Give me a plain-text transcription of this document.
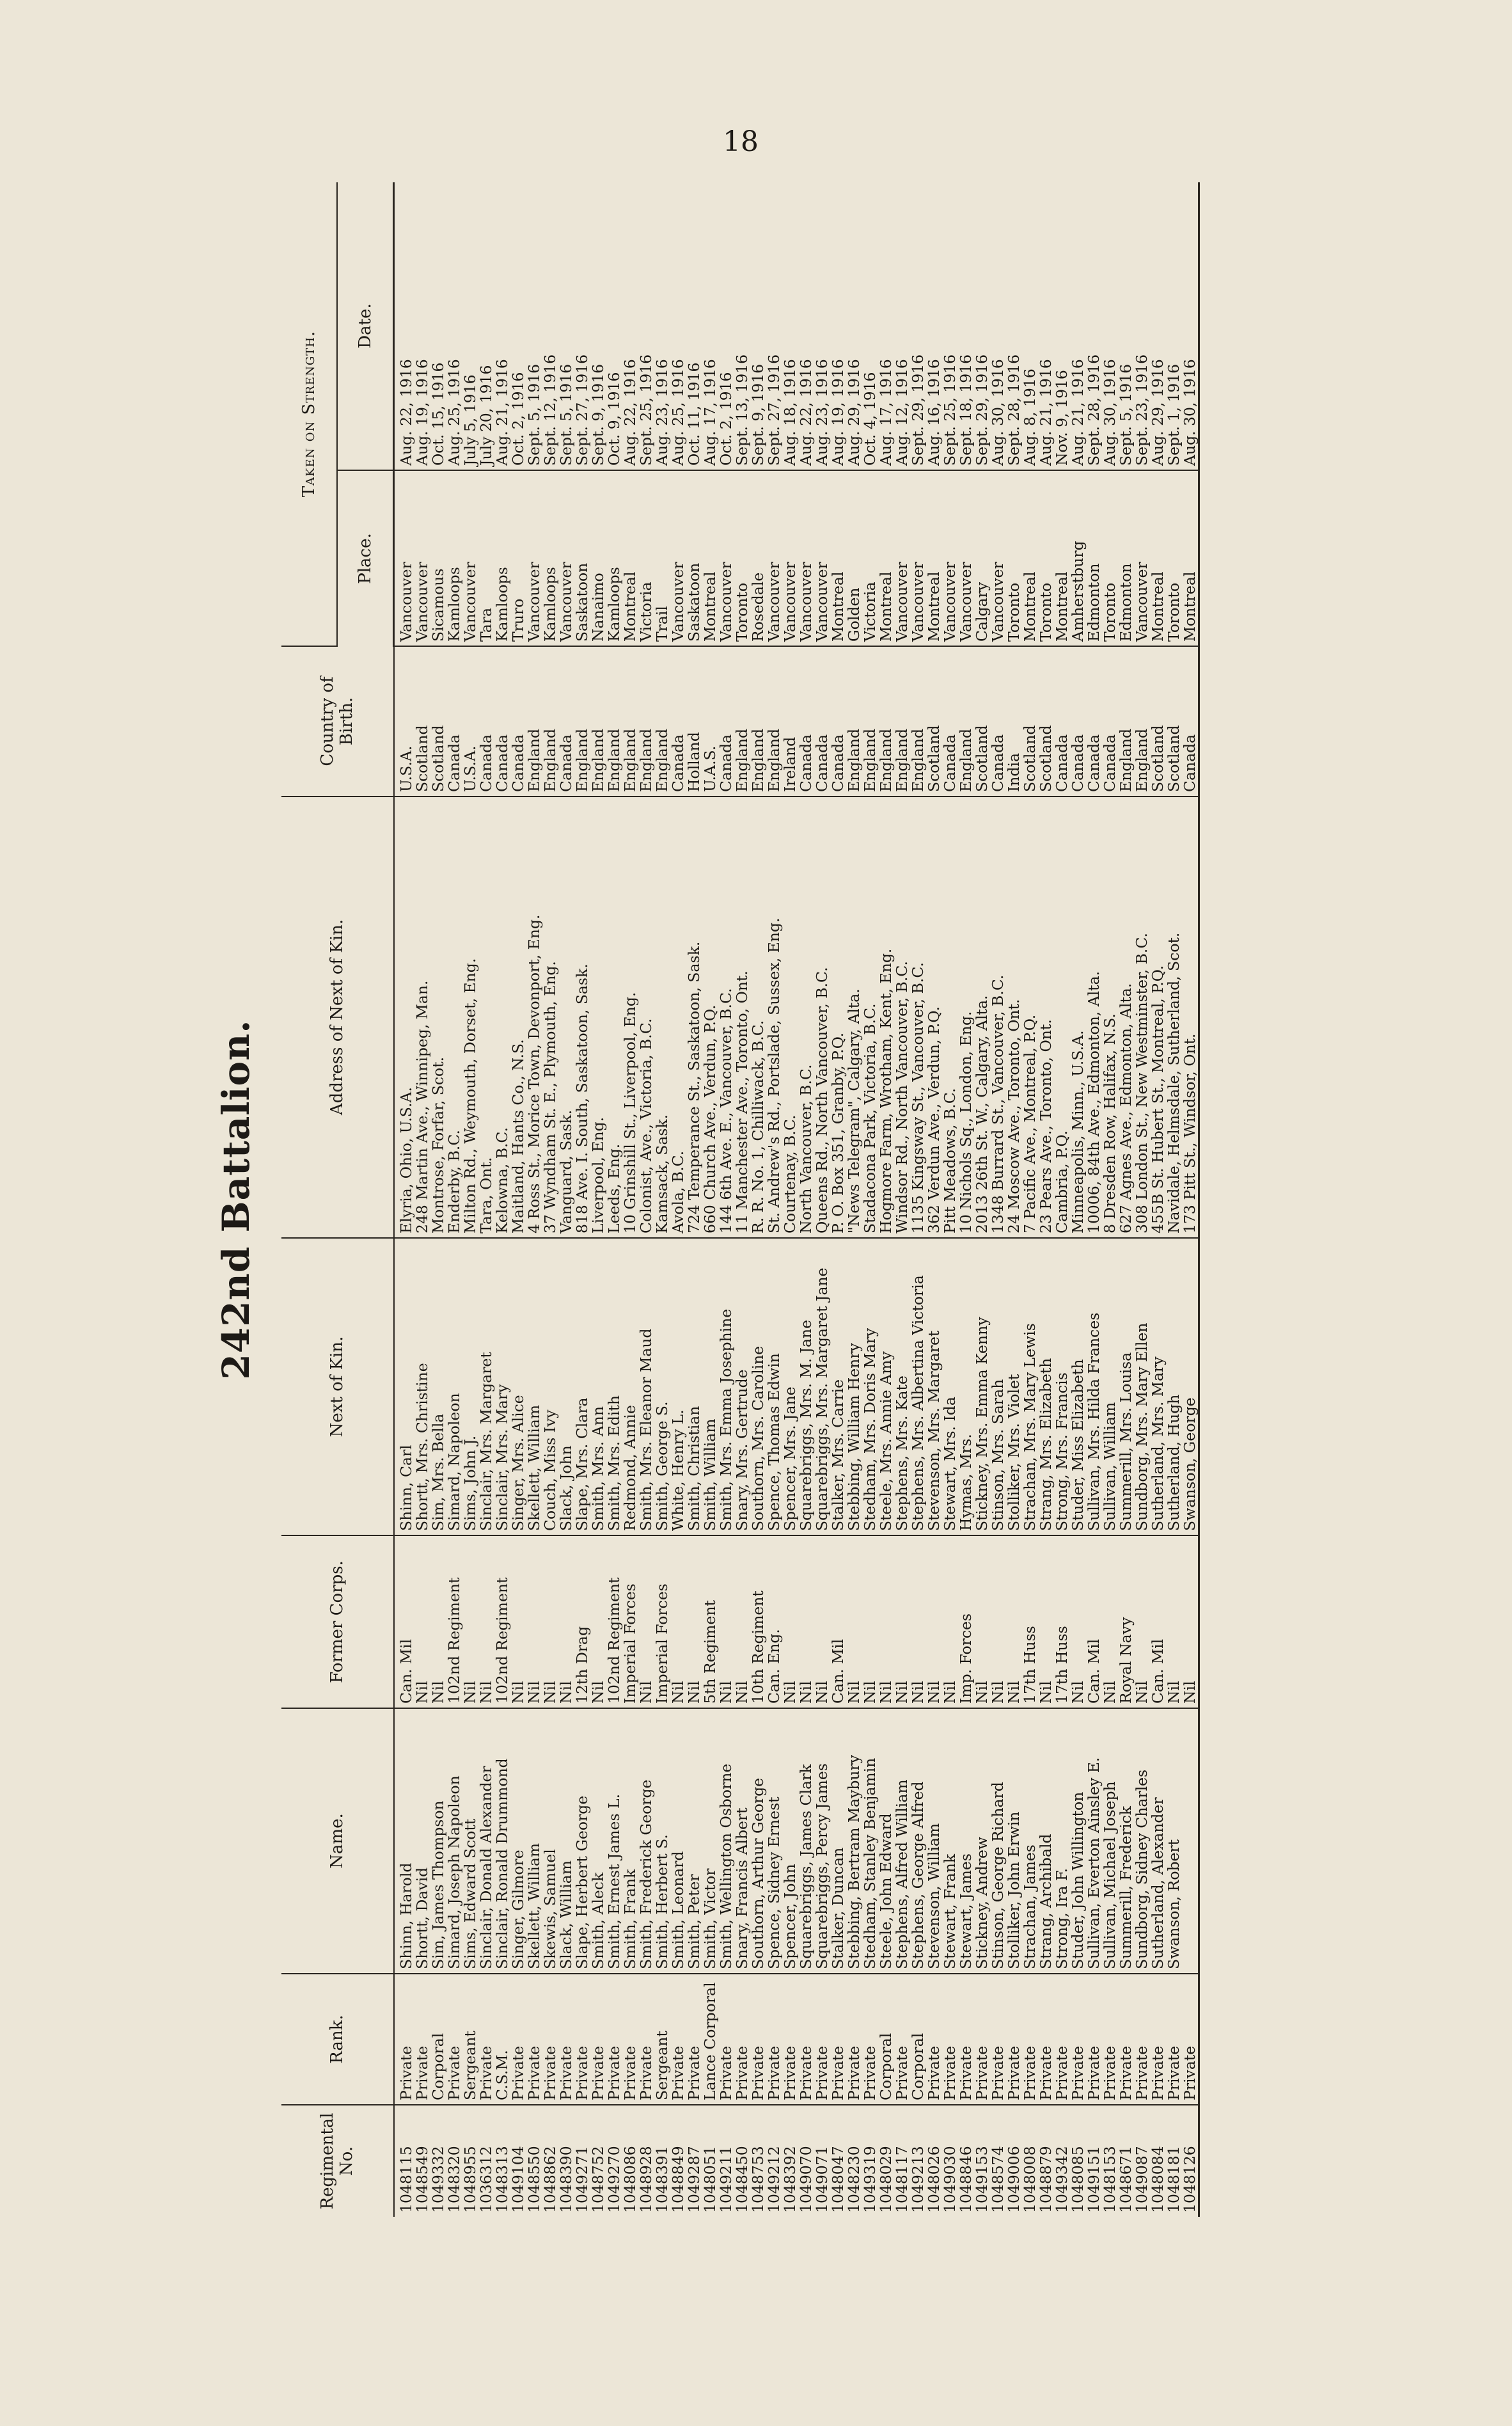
18
242nd Battalion.
Regimental No.	Rank.	Name.	Former Corps.	Next of Kin.	Address of Next of Kin.	Country of Birth.	Taken on Strength.	
							Place.	Date.
1048115	Private	Shinn, Harold	Can. Mil	Shinn, Carl	Elyria, Ohio, U.S.A.	U.S.A.	Vancouver	Aug. 22, 1916
1048549	Private	Shortt, David	Nil	Shortt, Mrs. Christine	248 Martin Ave., Winnipeg, Man.	Scotland	Vancouver	Aug. 19, 1916
1049332	Corporal	Sim, James Thompson	Nil	Sim, Mrs. Bella	Montrose, Forfar, Scot.	Scotland	Sicamous	Oct. 15, 1916
1048320	Private	Simard, Joseph Napoleon	102nd Regiment	Simard, Napoleon	Enderby, B.C.	Canada	Kamloops	Aug. 25, 1916
1048955	Sergeant	Sims, Edward Scott	Nil	Sims, John J.	Milton Rd., Weymouth, Dorset, Eng.	U.S.A.	Vancouver	July 5, 1916
1036312	Private	Sinclair, Donald Alexander	Nil	Sinclair, Mrs. Margaret	Tara, Ont.	Canada	Tara	July 20, 1916
1048313	C.S.M.	Sinclair, Ronald Drummond	102nd Regiment	Sinclair, Mrs. Mary	Kelowna, B.C.	Canada	Kamloops	Aug. 21, 1916
1049104	Private	Singer, Gilmore	Nil	Singer, Mrs. Alice	Maitland, Hants Co., N.S.	Canada	Truro	Oct. 2, 1916
1048550	Private	Skellett, William	Nil	Skellett, William	4 Ross St., Morice Town, Devonport, Eng.	England	Vancouver	Sept. 5, 1916
1048862	Private	Skewis, Samuel	Nil	Couch, Miss Ivy	37 Wyndham St. E., Plymouth, Eng.	England	Kamloops	Sept. 12, 1916
1048390	Private	Slack, William	Nil	Slack, John	Vanguard, Sask.	Canada	Vancouver	Sept. 5, 1916
1049271	Private	Slape, Herbert George	12th Drag	Slape, Mrs. Clara	818 Ave. I. South, Saskatoon, Sask.	England	Saskatoon	Sept. 27, 1916
1048752	Private	Smith, Aleck	Nil	Smith, Mrs. Ann	Liverpool, Eng.	England	Nanaimo	Sept. 9, 1916
1049270	Private	Smith, Ernest James L.	102nd Regiment	Smith, Mrs. Edith	Leeds, Eng.	England	Kamloops	Oct. 9, 1916
1048086	Private	Smith, Frank	Imperial Forces	Redmond, Annie	10 Grinshill St., Liverpool, Eng.	England	Montreal	Aug. 22, 1916
1048928	Private	Smith, Frederick George	Nil	Smith, Mrs. Eleanor Maud	Colonist, Ave., Victoria, B.C.	England	Victoria	Sept. 25, 1916
1048391	Sergeant	Smith, Herbert S.	Imperial Forces	Smith, George S.	Kamsack, Sask.	England	Trail	Aug. 23, 1916
1048849	Private	Smith, Leonard	Nil	White, Henry L.	Avola, B.C.	Canada	Vancouver	Aug. 25, 1916
1049287	Private	Smith, Peter	Nil	Smith, Christian	724 Temperance St., Saskatoon, Sask.	Holland	Saskatoon	Oct. 11, 1916
1048051	Lance Corporal	Smith, Victor	5th Regiment	Smith, William	660 Church Ave., Verdun, P.Q.	U.A.S.	Montreal	Aug. 17, 1916
1049211	Private	Smith, Wellington Osborne	Nil	Smith, Mrs. Emma Josephine	144 6th Ave. E., Vancouver, B.C.	Canada	Vancouver	Oct. 2, 1916
1048450	Private	Snary, Francis Albert	Nil	Snary, Mrs. Gertrude	11 Manchester Ave., Toronto, Ont.	England	Toronto	Sept. 13, 1916
1048753	Private	Southorn, Arthur George	10th Regiment	Southorn, Mrs. Caroline	R. R. No. 1, Chilliwack, B.C.	England	Rosedale	Sept. 9, 1916
1049212	Private	Spence, Sidney Ernest	Can. Eng.	Spence, Thomas Edwin	St. Andrew's Rd., Portslade, Sussex, Eng.	England	Vancouver	Sept. 27, 1916
1048392	Private	Spencer, John	Nil	Spencer, Mrs. Jane	Courtenay, B.C.	Ireland	Vancouver	Aug. 18, 1916
1049070	Private	Squarebriggs, James Clark	Nil	Squarebriggs, Mrs. M. Jane	North Vancouver, B.C.	Canada	Vancouver	Aug. 22, 1916
1049071	Private	Squarebriggs, Percy James	Nil	Squarebriggs, Mrs. Margaret Jane	Queens Rd., North Vancouver, B.C.	Canada	Vancouver	Aug. 23, 1916
1048047	Private	Stalker, Duncan	Can. Mil	Stalker, Mrs. Carrie	P. O. Box 351, Granby, P.Q.	Canada	Montreal	Aug. 19, 1916
1048230	Private	Stebbing, Bertram Maybury	Nil	Stebbing, William Henry	"News Telegram", Calgary, Alta.	England	Golden	Aug. 29, 1916
1049319	Private	Stedham, Stanley Benjamin	Nil	Stedham, Mrs. Doris Mary	Stadacona Park, Victoria, B.C.	England	Victoria	Oct. 4, 1916
1048029	Corporal	Steele, John Edward	Nil	Steele, Mrs. Annie Amy	Hogmore Farm, Wrotham, Kent, Eng.	England	Montreal	Aug. 17, 1916
1048117	Private	Stephens, Alfred William	Nil	Stephens, Mrs. Kate	Windsor Rd., North Vancouver, B.C.	England	Vancouver	Aug. 12, 1916
1049213	Corporal	Stephens, George Alfred	Nil	Stephens, Mrs. Albertina Victoria	1135 Kingsway St., Vancouver, B.C.	England	Vancouver	Sept. 29, 1916
1048026	Private	Stevenson, William	Nil	Stevenson, Mrs. Margaret	362 Verdun Ave., Verdun, P.Q.	Scotland	Montreal	Aug. 16, 1916
1049030	Private	Stewart, Frank	Nil	Stewart, Mrs. Ida	Pitt Meadows, B.C.	Canada	Vancouver	Sept. 25, 1916
1048846	Private	Stewart, James	Imp. Forces	Hymas, Mrs.	10 Nichols Sq., London, Eng.	England	Vancouver	Sept. 18, 1916
1049153	Private	Stickney, Andrew	Nil	Stickney, Mrs. Emma Kenny	2013 26th St. W., Calgary, Alta.	Scotland	Calgary	Sept. 29, 1916
1048574	Private	Stinson, George Richard	Nil	Stinson, Mrs. Sarah	1348 Burrard St., Vancouver, B.C.	Canada	Vancouver	Aug. 30, 1916
1049006	Private	Stolliker, John Erwin	Nil	Stolliker, Mrs. Violet	24 Moscow Ave., Toronto, Ont.	India	Toronto	Sept. 28, 1916
1048008	Private	Strachan, James	17th Huss	Strachan, Mrs. Mary Lewis	7 Pacific Ave., Montreal, P.Q.	Scotland	Montreal	Aug. 8, 1916
1048879	Private	Strang, Archibald	Nil	Strang, Mrs. Elizabeth	23 Pears Ave., Toronto, Ont.	Scotland	Toronto	Aug. 21, 1916
1049342	Private	Strong, Ira F.	17th Huss	Strong, Mrs. Francis	Cambria, P.Q.	Canada	Montreal	Nov. 9, 1916
1048085	Private	Studer, John Willington	Nil	Studer, Miss Elizabeth	Minneapolis, Minn., U.S.A.	Canada	Amherstburg	Aug. 21, 1916
1049151	Private	Sullivan, Everton Ainsley E.	Can. Mil	Sullivan, Mrs. Hilda Frances	10006, 84th Ave., Edmonton, Alta.	Canada	Edmonton	Sept. 28, 1916
1048153	Private	Sullivan, Michael Joseph	Nil	Sullivan, William	8 Dresden Row, Halifax, N.S.	Canada	Toronto	Aug. 30, 1916
1048671	Private	Summerill, Frederick	Royal Navy	Summerill, Mrs. Louisa	627 Agnes Ave., Edmonton, Alta.	England	Edmonton	Sept. 5, 1916
1049087	Private	Sundborg, Sidney Charles	Nil	Sundborg, Mrs. Mary Ellen	308 London St., New Westminster, B.C.	England	Vancouver	Sept. 23, 1916
1048084	Private	Sutherland, Alexander	Can. Mil	Sutherland, Mrs. Mary	455B St. Hubert St., Montreal, P.Q.	Scotland	Montreal	Aug. 29, 1916
1048181	Private	Swanson, Robert	Nil	Sutherland, Hugh	Navidale, Helmsdale, Sutherland, Scot.	Scotland	Toronto	Sept. 1, 1916
1048126	Private		Nil	Swanson, George	173 Pitt St., Windsor, Ont.	Canada	Montreal	Aug. 30, 1916
